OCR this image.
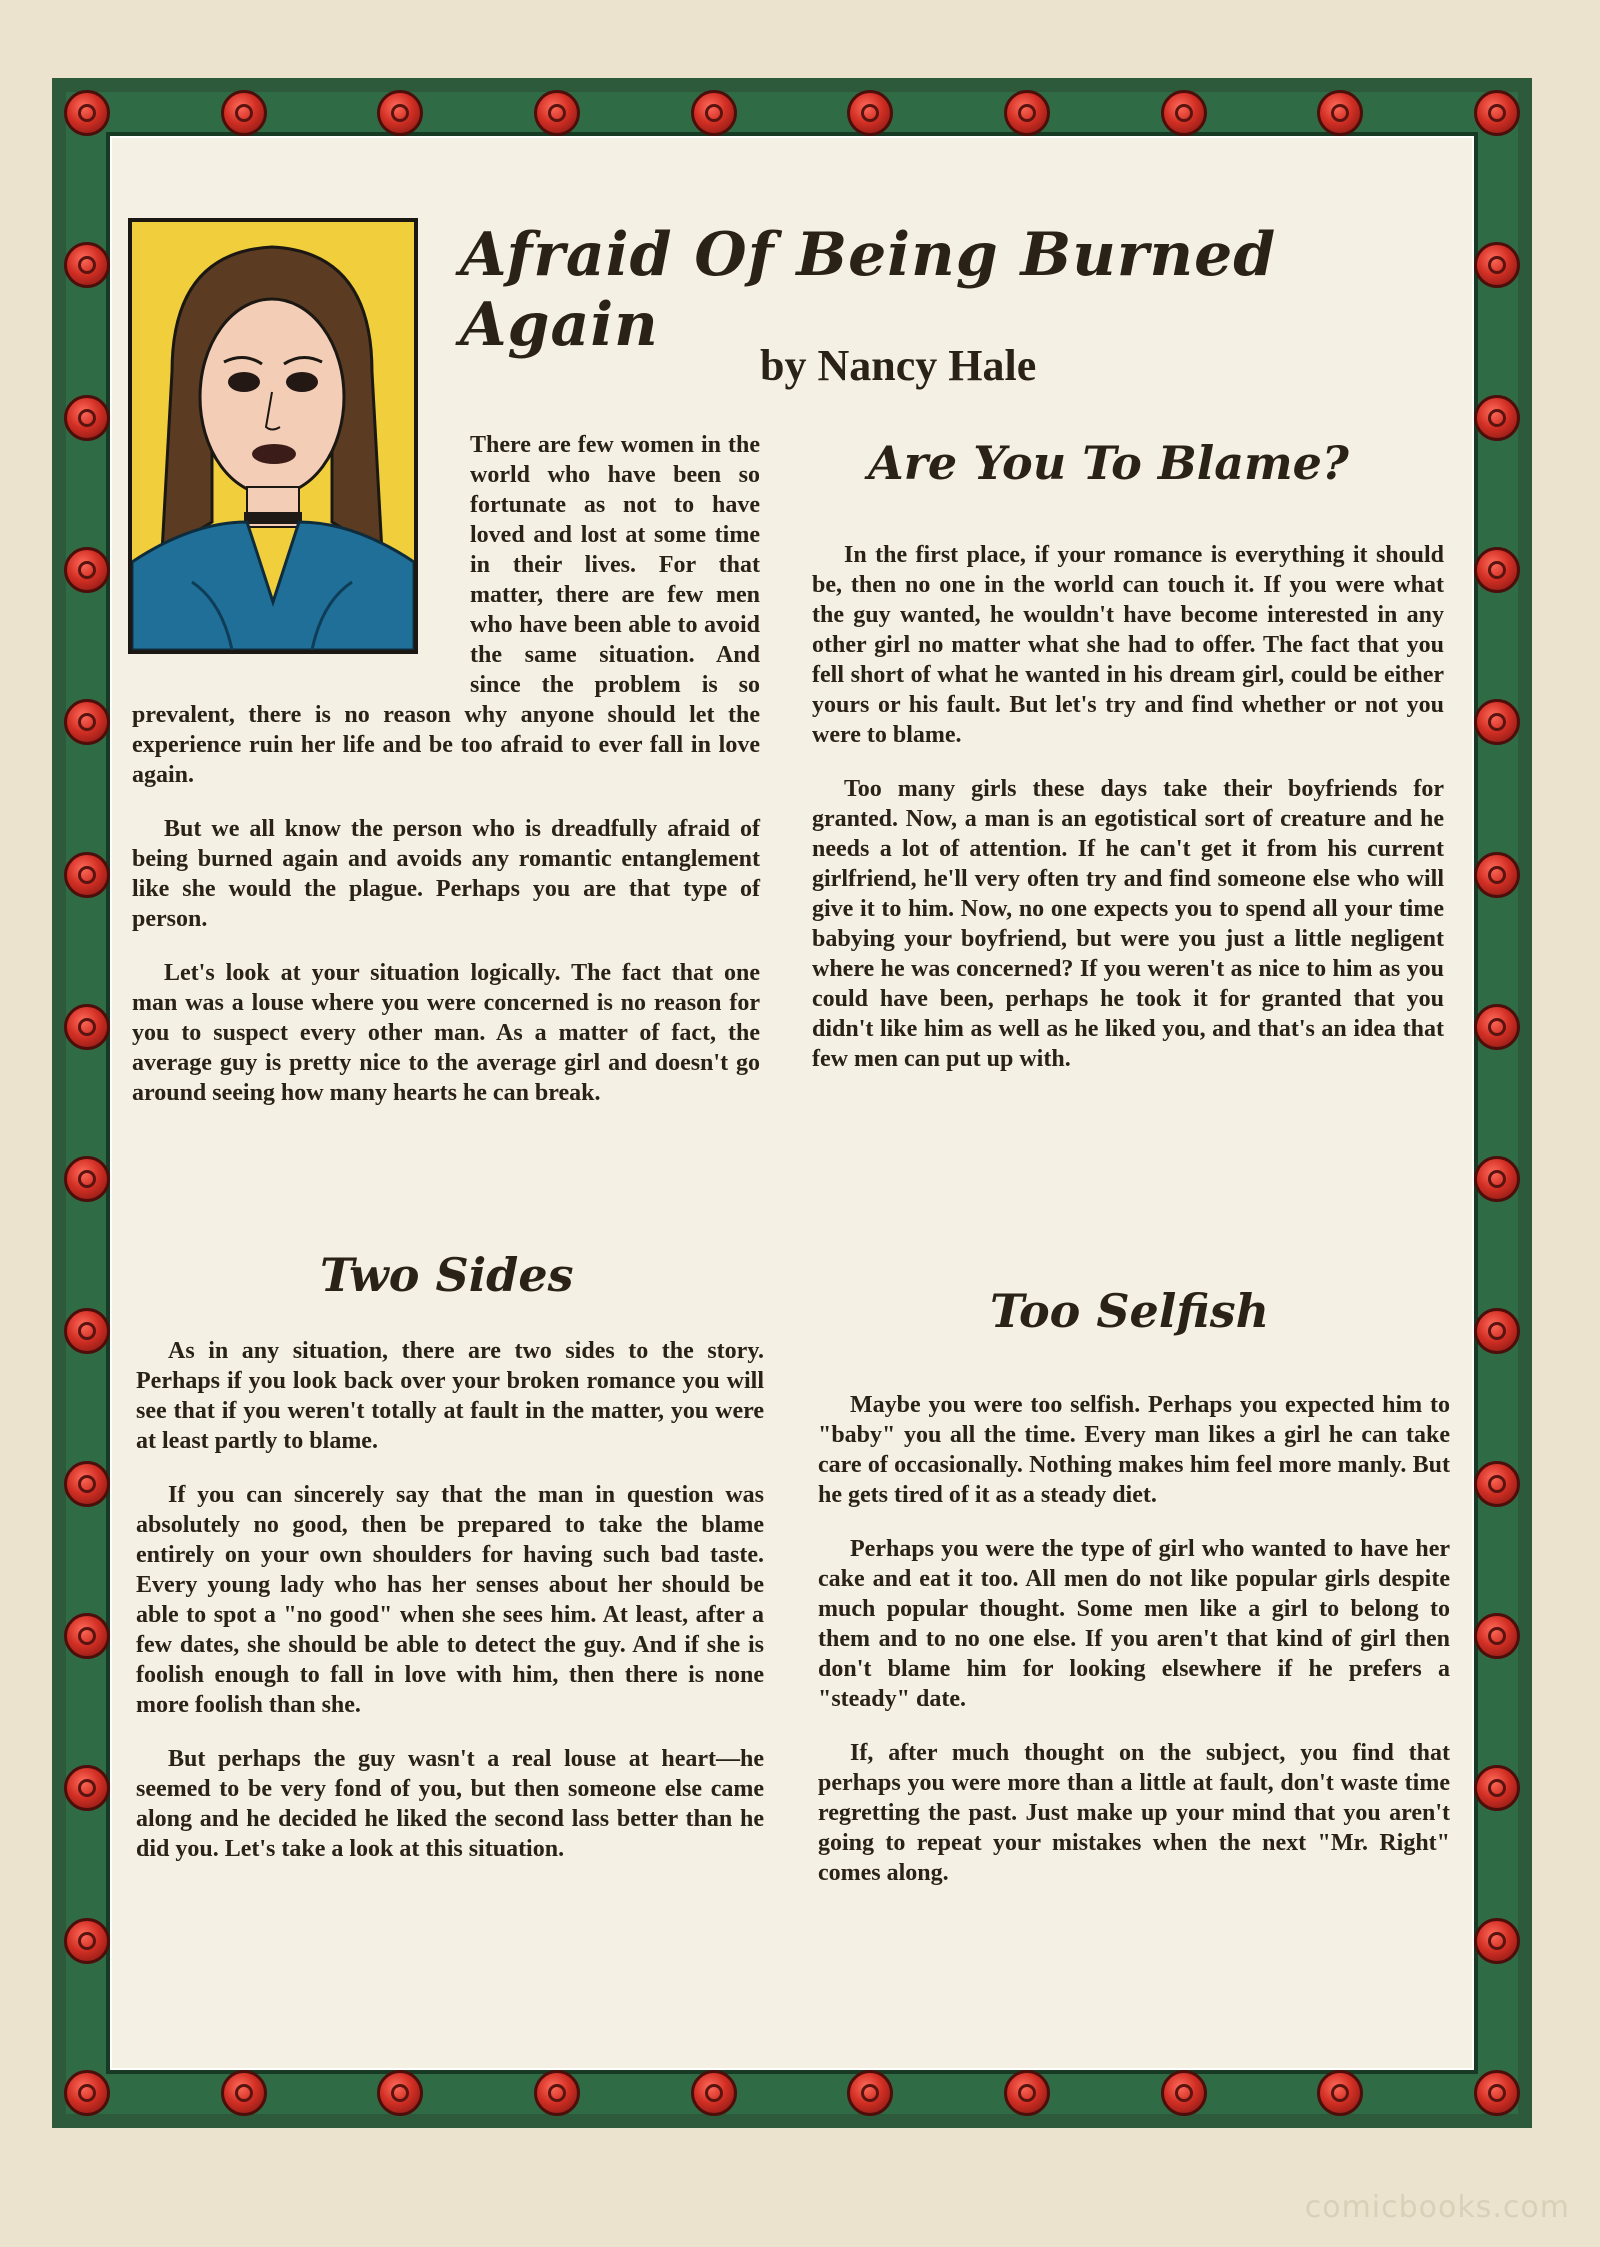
Afraid Of Being Burned Again
by Nancy Hale

There are few women in the world who have been so fortunate as not to have loved and lost at some time in their lives. For that matter, there are few men who have been able to avoid the same situation. And since the problem is so prevalent, there is no reason why anyone should let the experience ruin her life and be too afraid to ever fall in love again.

But we all know the person who is dreadfully afraid of being burned again and avoids any romantic entanglement like she would the plague. Perhaps you are that type of person.

Let's look at your situation logically. The fact that one man was a louse where you were concerned is no reason for you to suspect every other man. As a matter of fact, the average guy is pretty nice to the average girl and doesn't go around seeing how many hearts he can break.

Two Sides

As in any situation, there are two sides to the story. Perhaps if you look back over your broken romance you will see that if you weren't totally at fault in the matter, you were at least partly to blame.

If you can sincerely say that the man in question was absolutely no good, then be prepared to take the blame entirely on your own shoulders for having such bad taste. Every young lady who has her senses about her should be able to spot a "no good" when she sees him. At least, after a few dates, she should be able to detect the guy. And if she is foolish enough to fall in love with him, then there is none more foolish than she.

But perhaps the guy wasn't a real louse at heart—he seemed to be very fond of you, but then someone else came along and he decided he liked the second lass better than he did you. Let's take a look at this situation.

Are You To Blame?

In the first place, if your romance is everything it should be, then no one in the world can touch it. If you were what the guy wanted, he wouldn't have become interested in any other girl no matter what she had to offer. The fact that you fell short of what he wanted in his dream girl, could be either yours or his fault. But let's try and find whether or not you were to blame.

Too many girls these days take their boyfriends for granted. Now, a man is an egotistical sort of creature and he needs a lot of attention. If he can't get it from his current girlfriend, he'll very often try and find someone else who will give it to him. Now, no one expects you to spend all your time babying your boyfriend, but were you just a little negligent where he was concerned? If you weren't as nice to him as you could have been, perhaps he took it for granted that you didn't like him as well as he liked you, and that's an idea that few men can put up with.

Too Selfish

Maybe you were too selfish. Perhaps you expected him to "baby" you all the time. Every man likes a girl he can take care of occasionally. Nothing makes him feel more manly. But he gets tired of it as a steady diet.

Perhaps you were the type of girl who wanted to have her cake and eat it too. All men do not like popular girls despite much popular thought. Some men like a girl to belong to them and to no one else. If you aren't that kind of girl then don't blame him for looking elsewhere if he prefers a "steady" date.

If, after much thought on the subject, you find that perhaps you were more than a little at fault, don't waste time regretting the past. Just make up your mind that you aren't going to repeat your mistakes when the next "Mr. Right" comes along.

comicbooks.com
